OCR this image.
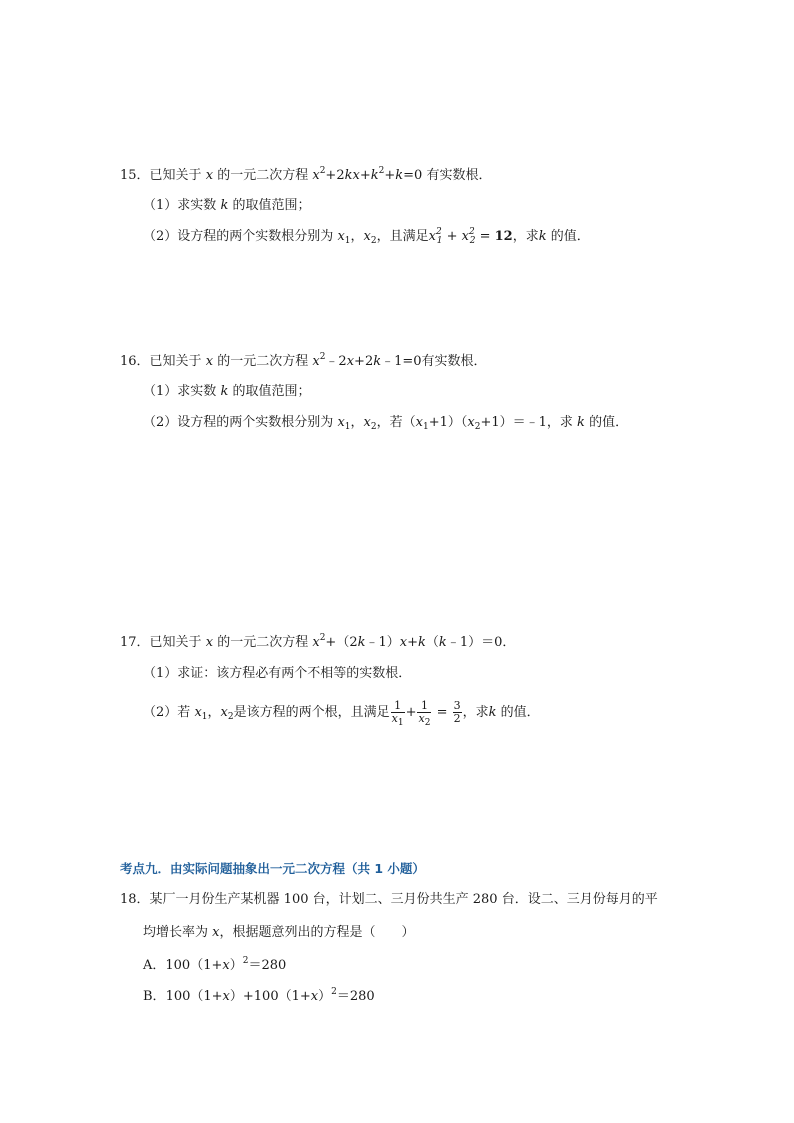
15．已知关于 x 的一元二次方程 $x^2+2kx+k^2+k=0$ 有实数根．
（1）求实数 k 的取值范围；
（2）设方程的两个实数根分别为 $x_1$，$x_2$，且满足$x^2_1 + x^2_2 = 12$，求k 的值．
16．已知关于 x 的一元二次方程 $x^2﹣2x+2k﹣1=0$有实数根．
（1）求实数 k 的取值范围；
（2）设方程的两个实数根分别为 $x_1$，$x_2$，若$(x_1+1)(x_2+1)=﹣1$，求 k 的值．
17．已知关于 x 的一元二次方程 $x^2+(2k﹣1)x+k(k﹣1)=0$．
（1）求证：该方程必有两个不相等的实数根．
（2）若 $x_1$，$x_2$是该方程的两个根，且满足 $\frac{1}{x_1} + \frac{1}{x_2} = \frac{3}{2}$ ，求k 的值．
考点九．由实际问题抽象出一元二次方程（共 1 小题）
18．某厂一月份生产某机器 100 台，计划二、三月份共生产 280 台．设二、三月份每月的平
均增长率为 x，根据题意列出的方程是（　　）
A．$100(1+x)^2=280$
B．$100(1+x)+100(1+x)^2=280$
